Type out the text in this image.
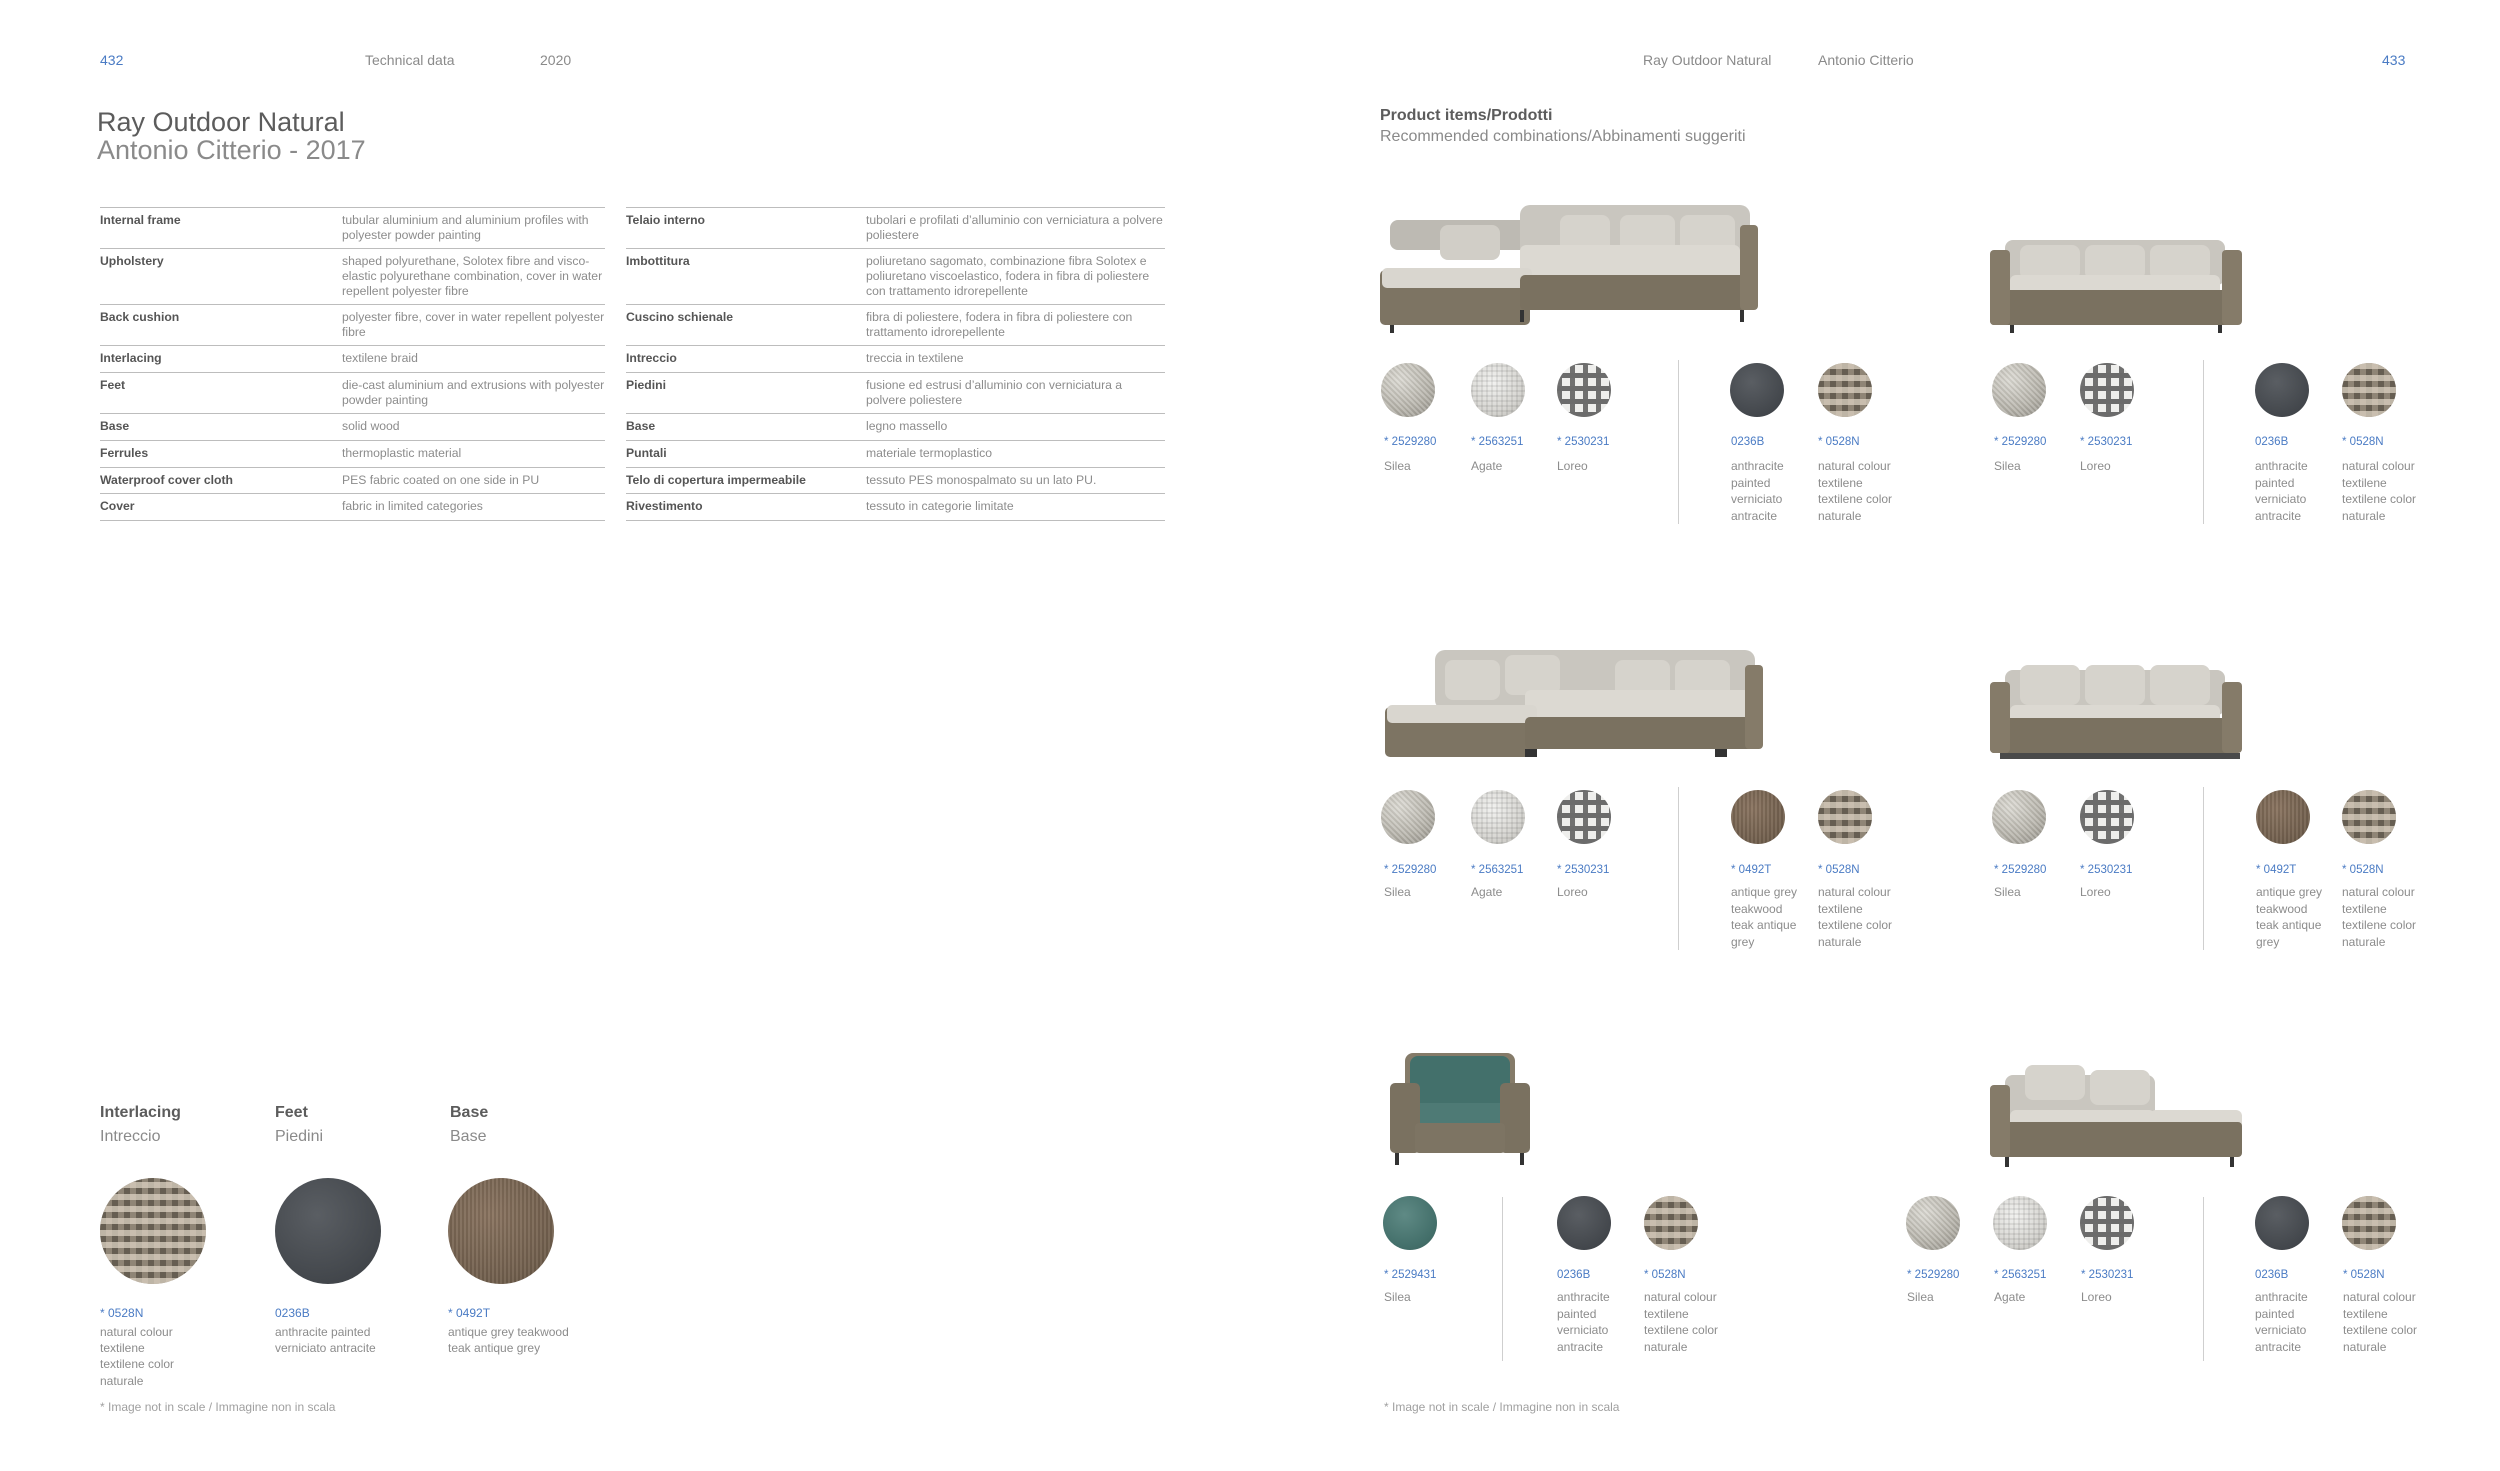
432	Technical data	2020
Ray Outdoor Natural
Antonio Citterio - 2017
Internal frame	tubular aluminium and aluminium profiles with polyester powder painting
Upholstery	shaped polyurethane, Solotex fibre and visco-elastic polyurethane combination, cover in water repellent polyester fibre
Back cushion	polyester fibre, cover in water repellent polyester fibre
Interlacing	textilene braid
Feet	die-cast aluminium and extrusions with polyester powder painting
Base	solid wood
Ferrules	thermoplastic material
Waterproof cover cloth	PES fabric coated on one side in PU
Cover	fabric in limited categories
Telaio interno	tubolari e profilati d’alluminio con verniciatura a polvere poliestere
Imbottitura	poliuretano sagomato, combinazione fibra Solotex e poliuretano viscoelastico, fodera in fibra di poliestere con trattamento idrorepellente
Cuscino schienale	fibra di poliestere, fodera in fibra di poliestere con trattamento idrorepellente
Intreccio	treccia in textilene
Piedini	fusione ed estrusi d’alluminio con verniciatura a polvere poliestere
Base	legno massello
Puntali	materiale termoplastico
Telo di copertura impermeabile	tessuto PES monospalmato su un lato PU.
Rivestimento	tessuto in categorie limitate
Interlacing
Intreccio
Feet
Piedini
Base
Base
* 0528N
natural colour
textilene
textilene color
naturale
0236B
anthracite painted
verniciato antracite
* 0492T
antique grey teakwood
teak antique grey
* Image not in scale / Immagine non in scala
Ray Outdoor Natural	Antonio Citterio	433
Product items/Prodotti
Recommended combinations/Abbinamenti suggeriti
* 2529280
Silea
* 2563251
Agate
* 2530231
Loreo
0236B
anthracite
painted
verniciato
antracite
* 0528N
natural colour
textilene
textilene color
naturale
* 2529280
Silea
* 2530231
Loreo
0236B
anthracite
painted
verniciato
antracite
* 0528N
natural colour
textilene
textilene color
naturale
* 2529280
Silea
* 2563251
Agate
* 2530231
Loreo
* 0492T
antique grey
teakwood
teak antique
grey
* 0528N
natural colour
textilene
textilene color
naturale
* 2529280
Silea
* 2530231
Loreo
* 0492T
antique grey
teakwood
teak antique
grey
* 0528N
natural colour
textilene
textilene color
naturale
* 2529431
Silea
0236B
anthracite
painted
verniciato
antracite
* 0528N
natural colour
textilene
textilene color
naturale
* 2529280
Silea
* 2563251
Agate
* 2530231
Loreo
0236B
anthracite
painted
verniciato
antracite
* 0528N
natural colour
textilene
textilene color
naturale
* Image not in scale / Immagine non in scala
